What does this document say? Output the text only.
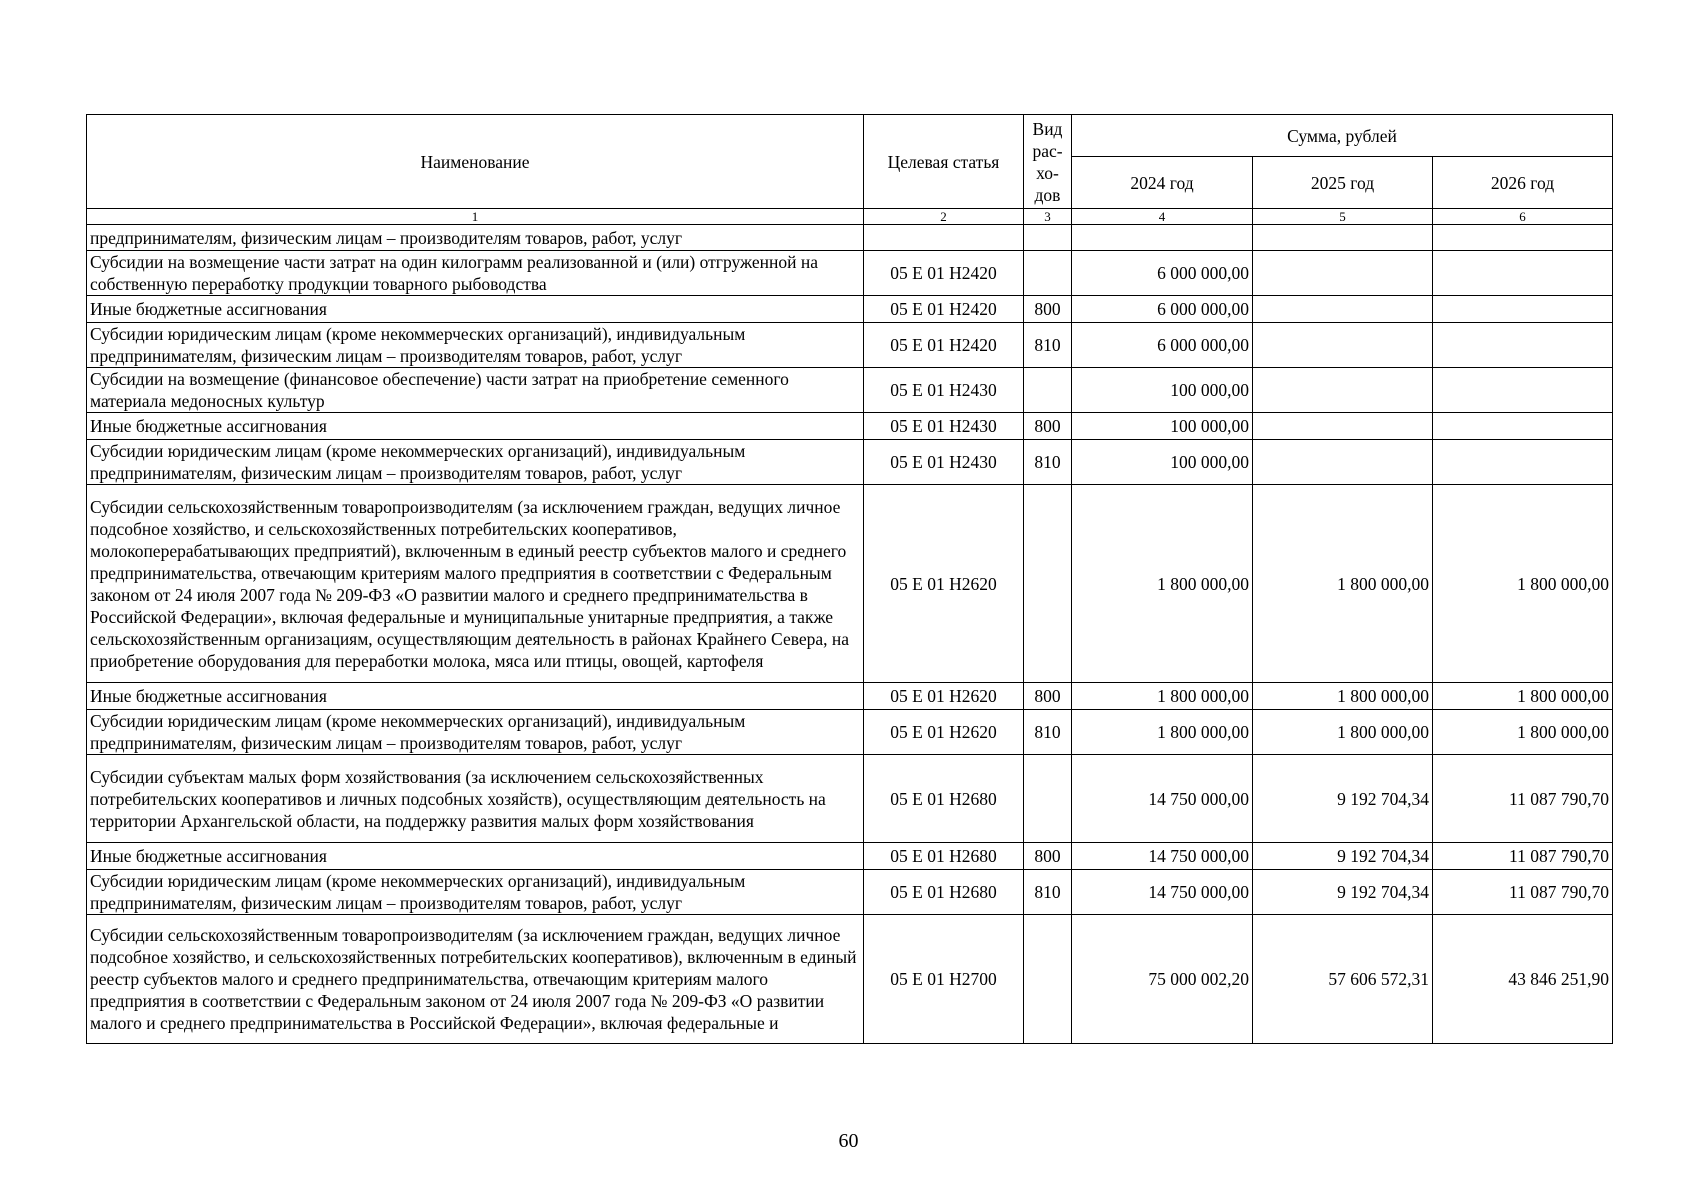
Наименование	Целевая статья	Вид рас- хо- дов	Сумма, рублей		
			2024 год	2025 год	2026 год
1	2	3	4	5	6
предпринимателям, физическим лицам – производителям товаров, работ, услуг					
Субсидии на возмещение части затрат на один килограмм реализованной и (или) отгруженной на собственную переработку продукции товарного рыбоводства	05 Е 01 Н2420		6 000 000,00		
Иные бюджетные ассигнования	05 Е 01 Н2420	800	6 000 000,00		
Субсидии юридическим лицам (кроме некоммерческих организаций), индивидуальным предпринимателям, физическим лицам – производителям товаров, работ, услуг	05 Е 01 Н2420	810	6 000 000,00		
Субсидии на возмещение (финансовое обеспечение) части затрат на приобретение семенного материала медоносных культур	05 Е 01 Н2430		100 000,00		
Иные бюджетные ассигнования	05 Е 01 Н2430	800	100 000,00		
Субсидии юридическим лицам (кроме некоммерческих организаций), индивидуальным предпринимателям, физическим лицам – производителям товаров, работ, услуг	05 Е 01 Н2430	810	100 000,00		
Субсидии сельскохозяйственным товаропроизводителям (за исключением граждан, ведущих личное подсобное хозяйство, и сельскохозяйственных потребительских кооперативов, молокоперерабатывающих предприятий), включенным в единый реестр субъектов малого и среднего предпринимательства, отвечающим критериям малого предприятия в соответствии с Федеральным законом от 24 июля 2007 года № 209-ФЗ «О развитии малого и среднего предпринимательства в Российской Федерации», включая федеральные и муниципальные унитарные предприятия, а также сельскохозяйственным организациям, осуществляющим деятельность в районах Крайнего Севера, на приобретение оборудования для переработки молока, мяса или птицы, овощей, картофеля	05 Е 01 Н2620		1 800 000,00	1 800 000,00	1 800 000,00
Иные бюджетные ассигнования	05 Е 01 Н2620	800	1 800 000,00	1 800 000,00	1 800 000,00
Субсидии юридическим лицам (кроме некоммерческих организаций), индивидуальным предпринимателям, физическим лицам – производителям товаров, работ, услуг	05 Е 01 Н2620	810	1 800 000,00	1 800 000,00	1 800 000,00
Субсидии субъектам малых форм хозяйствования (за исключением сельскохозяйственных потребительских кооперативов и личных подсобных хозяйств), осуществляющим деятельность на территории Архангельской области, на поддержку развития малых форм хозяйствования	05 Е 01 Н2680		14 750 000,00	9 192 704,34	11 087 790,70
Иные бюджетные ассигнования	05 Е 01 Н2680	800	14 750 000,00	9 192 704,34	11 087 790,70
Субсидии юридическим лицам (кроме некоммерческих организаций), индивидуальным предпринимателям, физическим лицам – производителям товаров, работ, услуг	05 Е 01 Н2680	810	14 750 000,00	9 192 704,34	11 087 790,70
Субсидии сельскохозяйственным товаропроизводителям (за исключением граждан, ведущих личное подсобное хозяйство, и сельскохозяйственных потребительских кооперативов), включенным в единый реестр субъектов малого и среднего предпринимательства, отвечающим критериям малого предприятия в соответствии с Федеральным законом от 24 июля 2007 года № 209-ФЗ «О развитии малого и среднего предпринимательства в Российской Федерации», включая федеральные и	05 Е 01 Н2700		75 000 002,20	57 606 572,31	43 846 251,90
60
